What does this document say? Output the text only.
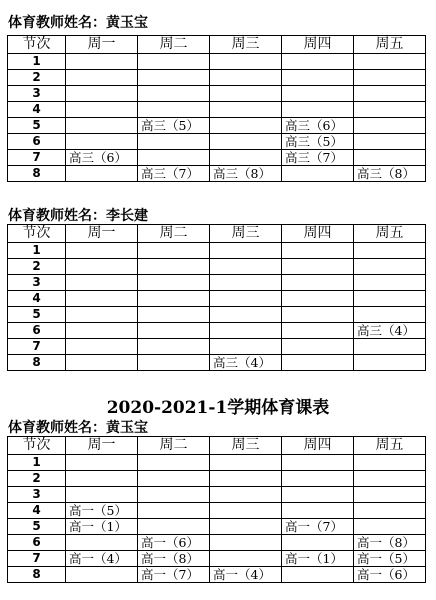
体育教师姓名：黄玉宝
节次	周一	周二	周三	周四	周五
1					
2					
3					
4					
5		高三（5）		高三（6）	
6				高三（5）	
7	高三（6）			高三（7）	
8		高三（7）	高三（8）		高三（8）
体育教师姓名：李长建
节次	周一	周二	周三	周四	周五
1					
2					
3					
4					
5					
6					高三（4）
7					
8			高三（4）		
2020-2021-1学期体育课表
体育教师姓名：黄玉宝
节次	周一	周二	周三	周四	周五
1					
2					
3					
4	高一（5）				
5	高一（1）			高一（7）	
6		高一（6）			高一（8）
7	高一（4）	高一（8）		高一（1）	高一（5）
8		高一（7）	高一（4）		高一（6）
